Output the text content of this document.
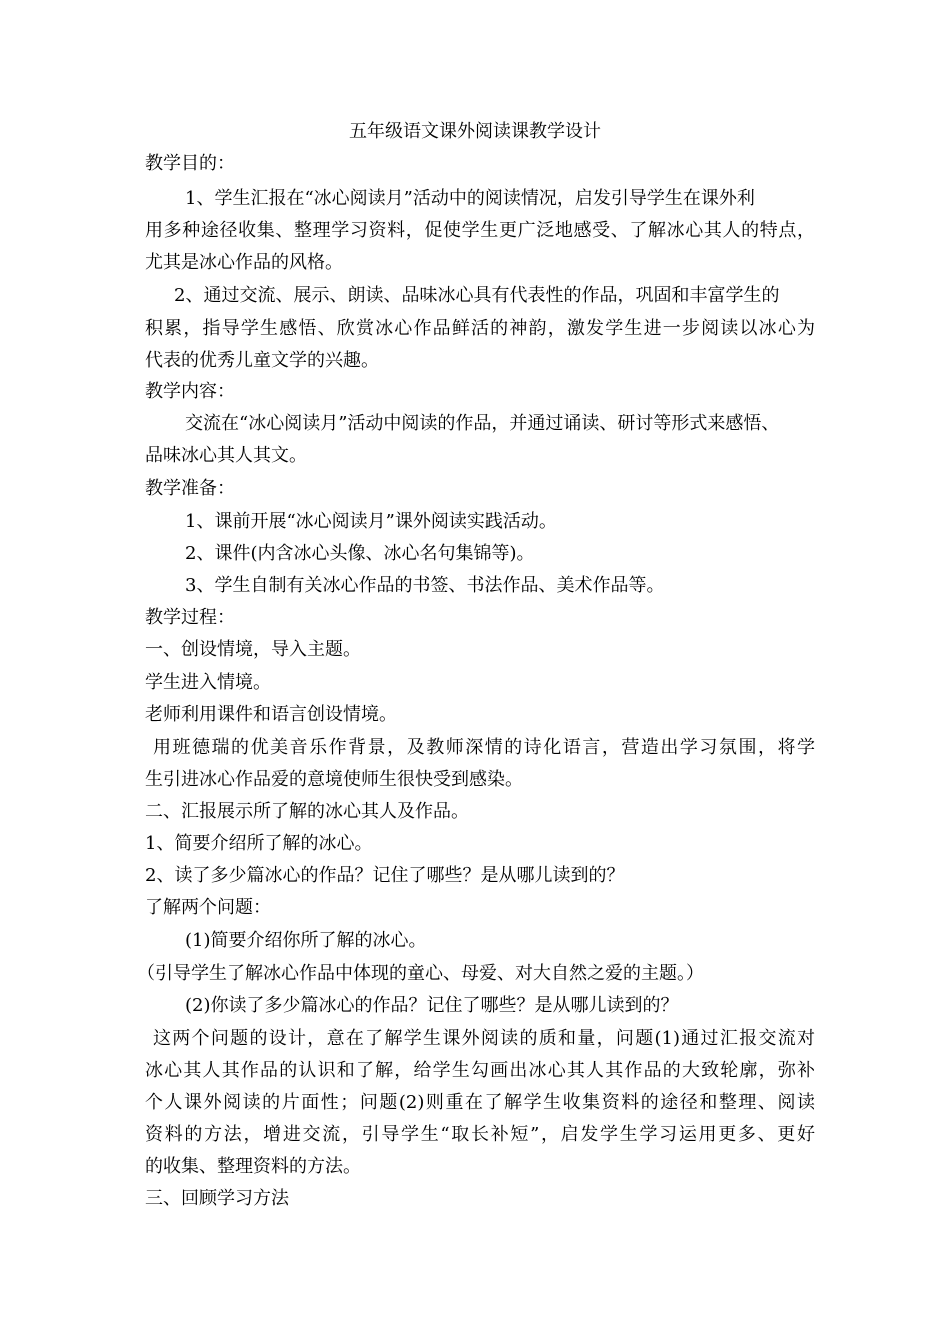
五年级语文课外阅读课教学设计
教学目的：
1、学生汇报在“冰心阅读月”活动中的阅读情况，启发引导学生在课外利
用多种途径收集、整理学习资料，促使学生更广泛地感受、了解冰心其人的特点，
尤其是冰心作品的风格。
2、通过交流、展示、朗读、品味冰心具有代表性的作品，巩固和丰富学生的
积累，指导学生感悟、欣赏冰心作品鲜活的神韵，激发学生进一步阅读以冰心为
代表的优秀儿童文学的兴趣。
教学内容：
交流在“冰心阅读月”活动中阅读的作品，并通过诵读、研讨等形式来感悟、
品味冰心其人其文。
教学准备：
1、课前开展“冰心阅读月”课外阅读实践活动。
2、课件(内含冰心头像、冰心名句集锦等)。
3、学生自制有关冰心作品的书签、书法作品、美术作品等。
教学过程：
一、创设情境，导入主题。
学生进入情境。
老师利用课件和语言创设情境。
用班德瑞的优美音乐作背景，及教师深情的诗化语言，营造出学习氛围，将学
生引进冰心作品爱的意境使师生很快受到感染。
二、汇报展示所了解的冰心其人及作品。
1、简要介绍所了解的冰心。
2、读了多少篇冰心的作品？记住了哪些？是从哪儿读到的？
了解两个问题：
(1)简要介绍你所了解的冰心。
（引导学生了解冰心作品中体现的童心、母爱、对大自然之爱的主题。）
(2)你读了多少篇冰心的作品？记住了哪些？是从哪儿读到的？
这两个问题的设计，意在了解学生课外阅读的质和量，问题(1)通过汇报交流对
冰心其人其作品的认识和了解，给学生勾画出冰心其人其作品的大致轮廓，弥补
个人课外阅读的片面性；问题(2)则重在了解学生收集资料的途径和整理、阅读
资料的方法，增进交流，引导学生“取长补短”，启发学生学习运用更多、更好
的收集、整理资料的方法。
三、回顾学习方法
